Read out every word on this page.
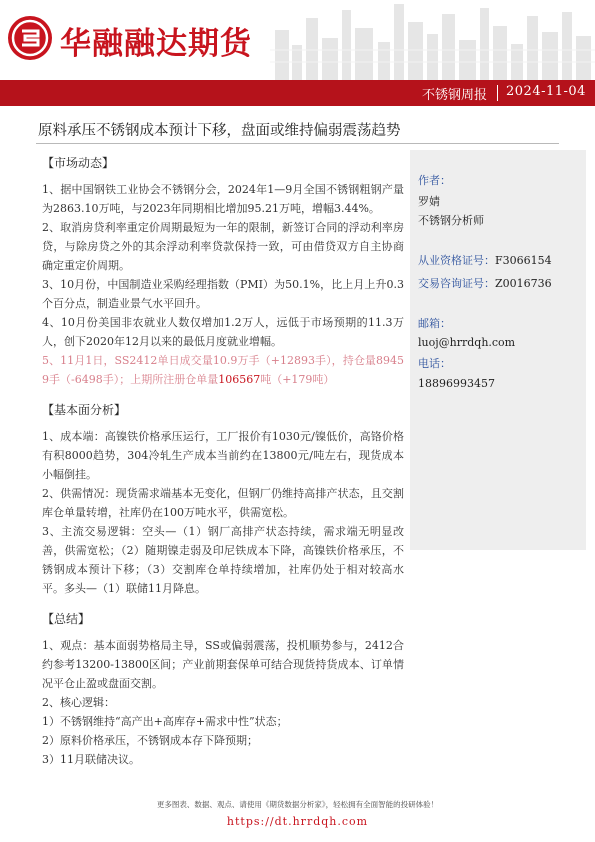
华融融达期货
不锈钢周报 2024-11-04
原料承压不锈钢成本预计下移，盘面或维持偏弱震荡趋势
【市场动态】

1、据中国钢铁工业协会不锈钢分会，2024年1—9月全国不锈钢粗钢产量为2863.10万吨，与2023年同期相比增加95.21万吨，增幅3.44%。

2、取消房贷利率重定价周期最短为一年的限制，新签订合同的浮动利率房贷，与除房贷之外的其余浮动利率贷款保持一致，可由借贷双方自主协商确定重定价周期。

3、10月份，中国制造业采购经理指数（PMI）为50.1%，比上月上升0.3个百分点，制造业景气水平回升。

4、10月份美国非农就业人数仅增加1.2万人，远低于市场预期的11.3万人，创下2020年12月以来的最低月度就业增幅。

5、11月1日，SS2412单日成交量10.9万手（+12893手），持仓量89459手（-6498手）；上期所注册仓单量106567吨（+179吨）

【基本面分析】

1、成本端：高镍铁价格承压运行，工厂报价有1030元/镍低价，高铬价格有积8000趋势，304冷轧生产成本当前约在13800元/吨左右，现货成本小幅倒挂。

2、供需情况：现货需求端基本无变化，但钢厂仍维持高排产状态，且交割库仓单量转增，社库仍在100万吨水平，供需宽松。

3、主流交易逻辑：空头—（1）钢厂高排产状态持续，需求端无明显改善，供需宽松；（2）随期镍走弱及印尼铁成本下降，高镍铁价格承压，不锈钢成本预计下移；（3）交割库仓单持续增加，社库仍处于相对较高水平。多头—（1）联储11月降息。

【总结】

1、观点：基本面弱势格局主导，SS或偏弱震荡，投机顺势参与，2412合约参考13200-13800区间；产业前期套保单可结合现货持货成本、订单情况平仓止盈或盘面交割。

2、核心逻辑：

1）不锈钢维持“高产出+高库存+需求中性”状态；

2）原料价格承压，不锈钢成本存下降预期；

3）11月联储决议。

作者：
罗婧
不锈钢分析师
从业资格证号：F3066154
交易咨询证号：Z0016736
邮箱：
luoj@hrrdqh.com
电话：
18896993457
更多图表、数据、观点、请使用《期货数据分析家》，轻松拥有全面智能的投研体验！
https://dt.hrrdqh.com
